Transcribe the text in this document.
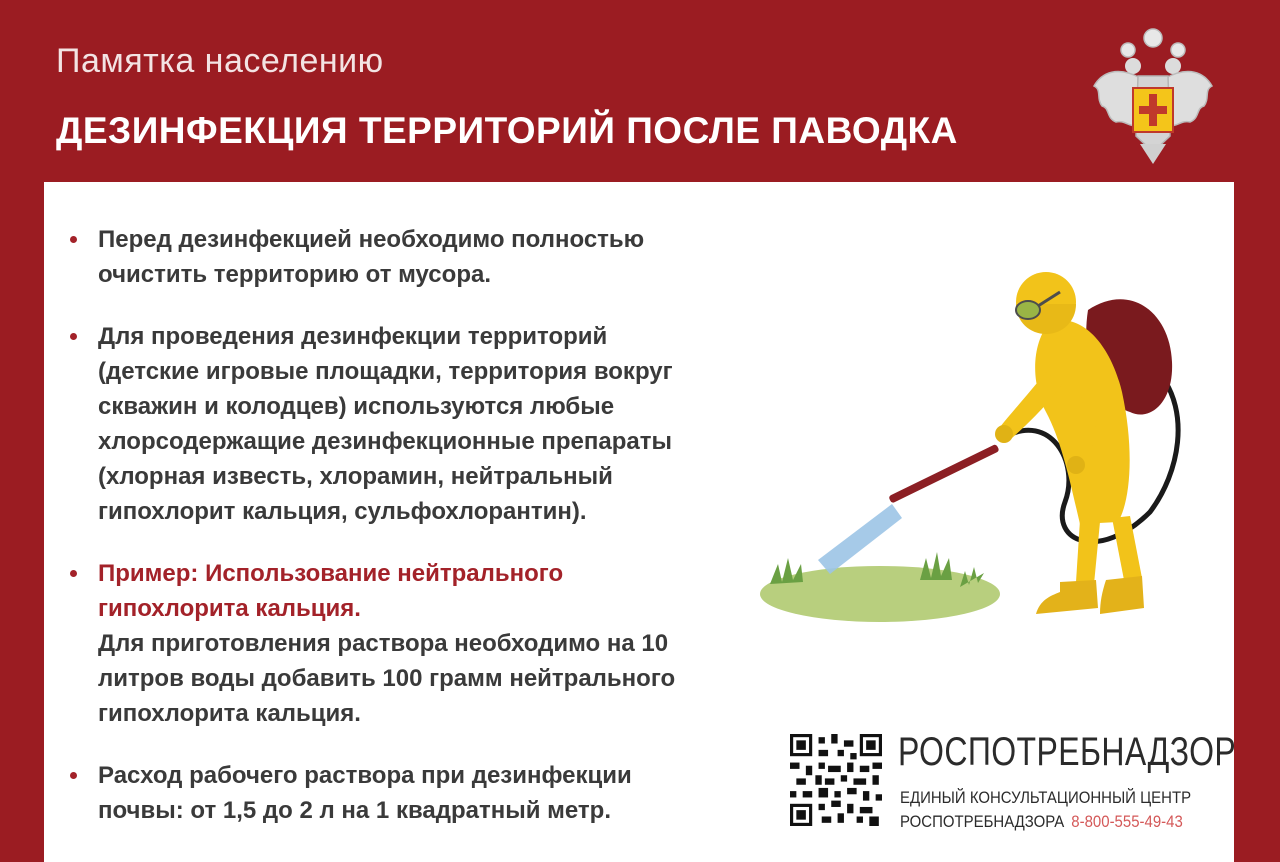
Памятка населению
ДЕЗИНФЕКЦИЯ ТЕРРИТОРИЙ ПОСЛЕ ПАВОДКА
Перед дезинфекцией необходимо полностью
очистить территорию от мусора.
Для проведения дезинфекции территорий
(детские игровые площадки, территория вокруг
скважин и колодцев) используются любые
хлорсодержащие дезинфекционные препараты
(хлорная известь, хлорамин, нейтральный
гипохлорит кальция, сульфохлорантин).
Пример: Использование нейтрального
гипохлорита кальция.
Для приготовления раствора необходимо на 10
литров воды добавить 100 грамм нейтрального
гипохлорита кальция.
Расход рабочего раствора при дезинфекции
почвы: от 1,5 до 2 л на 1 квадратный метр.
РОСПОТРЕБНАДЗОР
ЕДИНЫЙ КОНСУЛЬТАЦИОННЫЙ ЦЕНТР
РОСПОТРЕБНАДЗОРА 8-800-555-49-43
